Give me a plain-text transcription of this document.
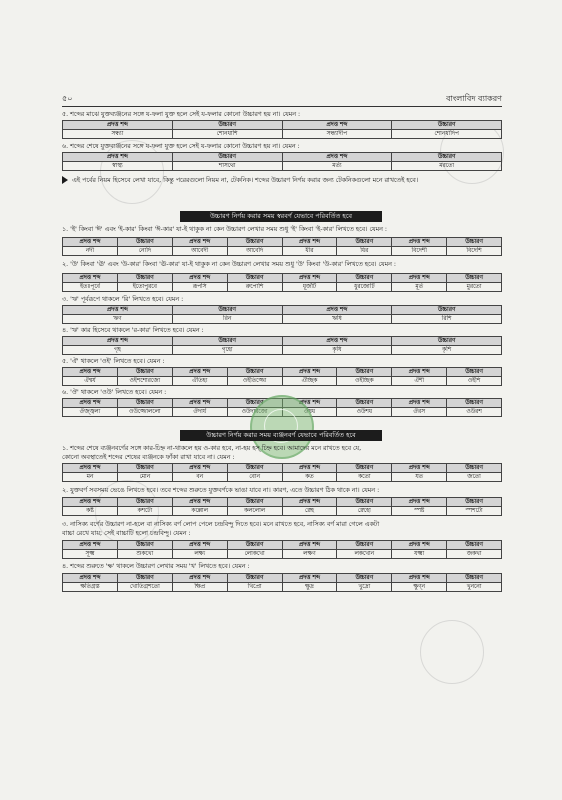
৫০	বাংলাবিদ ব্যাকরণ
৫. শব্দের মাঝে যুক্তব্যঞ্জনের সঙ্গে য-ফলা যুক্ত হলে সেই য-ফলার কোনো উচ্চারণ হয় না। যেমন :
প্রদত্ত শব্দ	উচ্চারণ	প্রদত্ত শব্দ	উচ্চারণ
সন্ধ্যা	শোনধাশি	সন্ধ্যাদীপ	শোনধাদিপ
৬. শব্দের শেষে যুক্তব্যঞ্জনের সঙ্গে য-ফলা যুক্ত হলে সেই য-ফলার কোনো উচ্চারণ হয় না। যেমন :
প্রদত্ত শব্দ	উচ্চারণ	প্রদত্ত শব্দ	উচ্চারণ
স্বাস্থ্য	শাসথো	মর্ত্য	মরতো
এই পর্বের নিয়ম হিসেবে লেখা যাবে, কিন্তু পরেরগুলো নিয়ম না, টেকনিক। শব্দের উচ্চারণ নির্ণয় করার জন্য টেকনিকগুলো মনে রাখতেই হবে।
উচ্চারণ নির্ণয় করার সময় স্বরবর্ণ যেভাবে পরিবর্তিত হবে
১. 'ই' কিংবা 'ঈ' এবং 'ই-কার' কিংবা 'ঈ-কার' যা-ই থাকুক না কেন উচ্চারণ লেখার সময় শুধু 'ই' কিংবা 'ই-কার' লিখতে হবে। যেমন :
প্রদত্ত শব্দ	উচ্চারণ	প্রদত্ত শব্দ	উচ্চারণ	প্রদত্ত শব্দ	উচ্চারণ	প্রদত্ত শব্দ	উচ্চারণ
নদী	নোদি	আবেদী	আবেদি	ধীর	ধির	বিদেশী	বিদেশি
২. 'উ' কিংবা 'ঊ' এবং 'উ-কার' কিংবা 'ঊ-কার' যা-ই থাকুক না কেন উচ্চারণ লেখার সময় শুধু 'উ' কিংবা 'উ-কার' লিখতে হবে। যেমন :
প্রদত্ত শব্দ	উচ্চারণ	প্রদত্ত শব্দ	উচ্চারণ	প্রদত্ত শব্দ	উচ্চারণ	প্রদত্ত শব্দ	উচ্চারণ
ইতঃপূর্বে	ইতোপুরবে	রূপসি	রুপোশি	ধূর্জটি	ধুরজোটি	মূর্ত	মুরতো
৩. 'ঋ' পূর্বরূপে থাকলে 'রি' লিখতে হবে। যেমন :
প্রদত্ত শব্দ	উচ্চারণ	প্রদত্ত শব্দ	উচ্চারণ
ঋণ	রিন	ঋষি	রিশি
৪. 'ঋ' কার হিসেবে থাকলে 'র-কার' লিখতে হবে। যেমন :
প্রদত্ত শব্দ	উচ্চারণ	প্রদত্ত শব্দ	উচ্চারণ
গৃহ	গৃহো	কৃষি	কৃশি
৫. 'ঐ' থাকলে 'ওই' লিখতে হবে। যেমন :
প্রদত্ত শব্দ	উচ্চারণ	প্রদত্ত শব্দ	উচ্চারণ	প্রদত্ত শব্দ	উচ্চারণ	প্রদত্ত শব্দ	উচ্চারণ
ঐশ্বর্য	ওইশশোরজো	ঐতিহ্য	ওইতিজ্জো	ঐচ্ছিক	ওইচ্ছিক	ঐশী	ওইশি
৬. 'ঔ' থাকলে 'ওউ' লিখতে হবে। যেমন :
প্রদত্ত শব্দ	উচ্চারণ	প্রদত্ত শব্দ	উচ্চারণ	প্রদত্ত শব্দ	উচ্চারণ	প্রদত্ত শব্দ	উচ্চারণ
ঔজ্জ্বল্য	ওউজ্জোললো	ঔদার্য	ওউদারজো	ঔষধ	ওউশধ	ঔরস	ওউরশ
উচ্চারণ নির্ণয় করার সময় ব্যঞ্জনবর্ণ যেভাবে পরিবর্তিত হবে
১. শব্দের শেষে ব্যঞ্জনবর্ণের সঙ্গে কার-চিহ্ন না-থাকলে হয় ও-কার হবে, না-হয় হস্ চিহ্ন হবে। আমাদের মনে রাখতে হবে যে,
কোনো অবস্থাতেই শব্দের শেষের ব্যঞ্জনকে ফাঁকা রাখা যাবে না। যেমন :
প্রদত্ত শব্দ	উচ্চারণ	প্রদত্ত শব্দ	উচ্চারণ	প্রদত্ত শব্দ	উচ্চারণ	প্রদত্ত শব্দ	উচ্চারণ
মন	মোন	বন	বোন	কত	কতো	যত	জতো
২. যুক্তবর্ণ সবসময় ভেঙে লিখতে হবে। তবে শব্দের শুরুতে যুক্তবর্ণকে ভাঙা যাবে না। কারণ, এতে উচ্চারণ ঠিক থাকে না। যেমন :
প্রদত্ত শব্দ	উচ্চারণ	প্রদত্ত শব্দ	উচ্চারণ	প্রদত্ত শব্দ	উচ্চারণ	প্রদত্ত শব্দ	উচ্চারণ
কষ্ট	কশটো	কল্লোল	কললোল	স্নেহ	স্নেহো	স্পষ্ট	স্পশটো
৩. নাসিক্য বর্ণের উচ্চারণ না-হলে বা নাসিক্য বর্ণ লোপ পেলে চন্দ্রবিন্দু দিতে হবে। মনে রাখতে হবে, নাসিক্য বর্ণ মারা গেলে একটা
বাচ্চা রেখে যায়; সেই বাচ্চাটি হলো চন্দ্রবিন্দু। যেমন :
প্রদত্ত শব্দ	উচ্চারণ	প্রদত্ত শব্দ	উচ্চারণ	প্রদত্ত শব্দ	উচ্চারণ	প্রদত্ত শব্দ	উচ্চারণ
সূক্ষ্ম	শুকখো	লক্ষ্য	লোকখো	লক্ষণ	লকখোন	যক্ষ্মা	জকখা
৪. শব্দের শুরুতে 'ক্ষ' থাকলে উচ্চারণ লেখার সময় 'খ' লিখতে হবে। যেমন :
প্রদত্ত শব্দ	উচ্চারণ	প্রদত্ত শব্দ	উচ্চারণ	প্রদত্ত শব্দ	উচ্চারণ	প্রদত্ত শব্দ	উচ্চারণ
ক্ষতিগ্রস্ত	খোতিগ্রশতো	ক্ষিপ্র	খিপ্রো	ক্ষুদ্র	খুদ্রো	ক্ষুণ্ন	খুননো
